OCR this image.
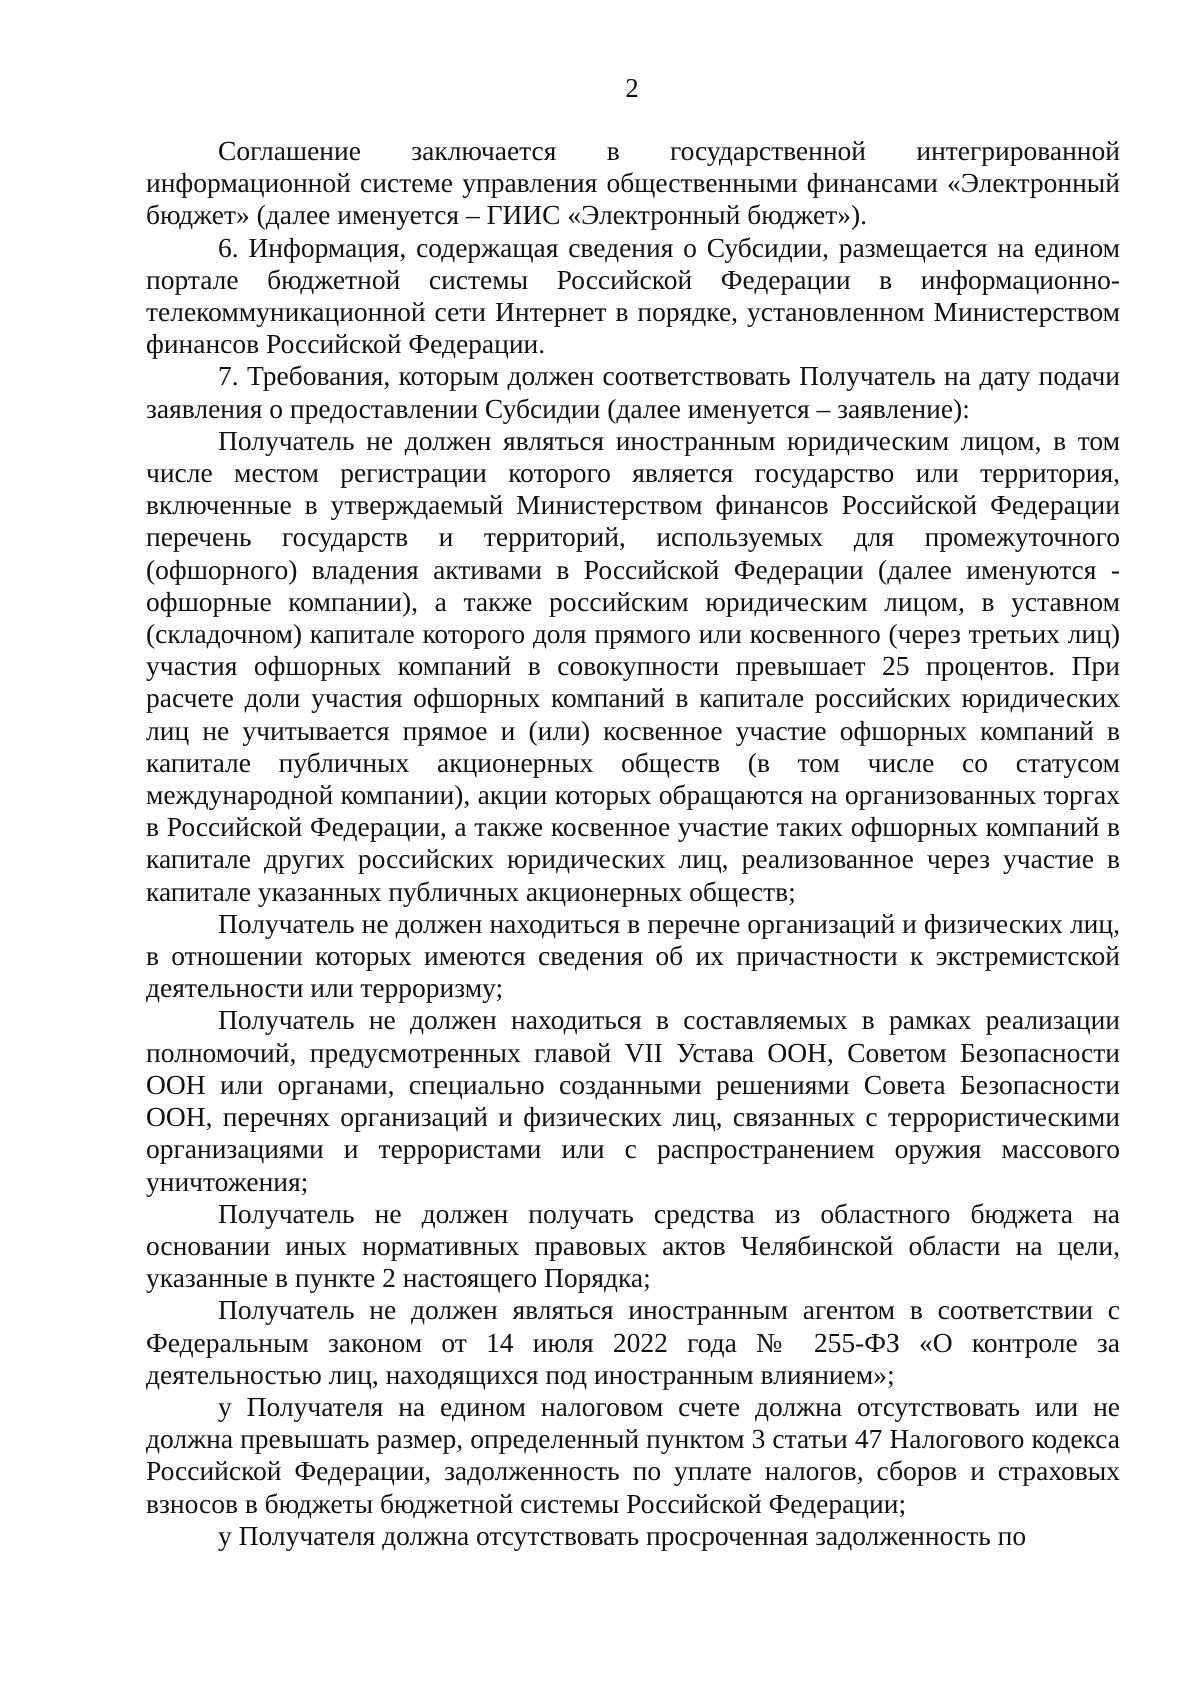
2

Соглашение заключается в государственной интегрированной информационной системе управления общественными финансами «Электронный бюджет» (далее именуется – ГИИС «Электронный бюджет»).

6. Информация, содержащая сведения о Субсидии, размещается на едином портале бюджетной системы Российской Федерации в информационно-телекоммуникационной сети Интернет в порядке, установленном Министерством финансов Российской Федерации.

7. Требования, которым должен соответствовать Получатель на дату подачи заявления о предоставлении Субсидии (далее именуется – заявление):

Получатель не должен являться иностранным юридическим лицом, в том числе местом регистрации которого является государство или территория, включенные в утверждаемый Министерством финансов Российской Федерации перечень государств и территорий, используемых для промежуточного (офшорного) владения активами в Российской Федерации (далее именуются - офшорные компании), а также российским юридическим лицом, в уставном (складочном) капитале которого доля прямого или косвенного (через третьих лиц) участия офшорных компаний в совокупности превышает 25 процентов. При расчете доли участия офшорных компаний в капитале российских юридических лиц не учитывается прямое и (или) косвенное участие офшорных компаний в капитале публичных акционерных обществ (в том числе со статусом международной компании), акции которых обращаются на организованных торгах в Российской Федерации, а также косвенное участие таких офшорных компаний в капитале других российских юридических лиц, реализованное через участие в капитале указанных публичных акционерных обществ;

Получатель не должен находиться в перечне организаций и физических лиц, в отношении которых имеются сведения об их причастности к экстремистской деятельности или терроризму;

Получатель не должен находиться в составляемых в рамках реализации полномочий, предусмотренных главой VII Устава ООН, Советом Безопасности ООН или органами, специально созданными решениями Совета Безопасности ООН, перечнях организаций и физических лиц, связанных с террористическими организациями и террористами или с распространением оружия массового уничтожения;

Получатель не должен получать средства из областного бюджета на основании иных нормативных правовых актов Челябинской области на цели, указанные в пункте 2 настоящего Порядка;

Получатель не должен являться иностранным агентом в соответствии с Федеральным законом от 14 июля 2022 года № 255-ФЗ «О контроле за деятельностью лиц, находящихся под иностранным влиянием»;

у Получателя на едином налоговом счете должна отсутствовать или не должна превышать размер, определенный пунктом 3 статьи 47 Налогового кодекса Российской Федерации, задолженность по уплате налогов, сборов и страховых взносов в бюджеты бюджетной системы Российской Федерации;

у Получателя должна отсутствовать просроченная задолженность по
